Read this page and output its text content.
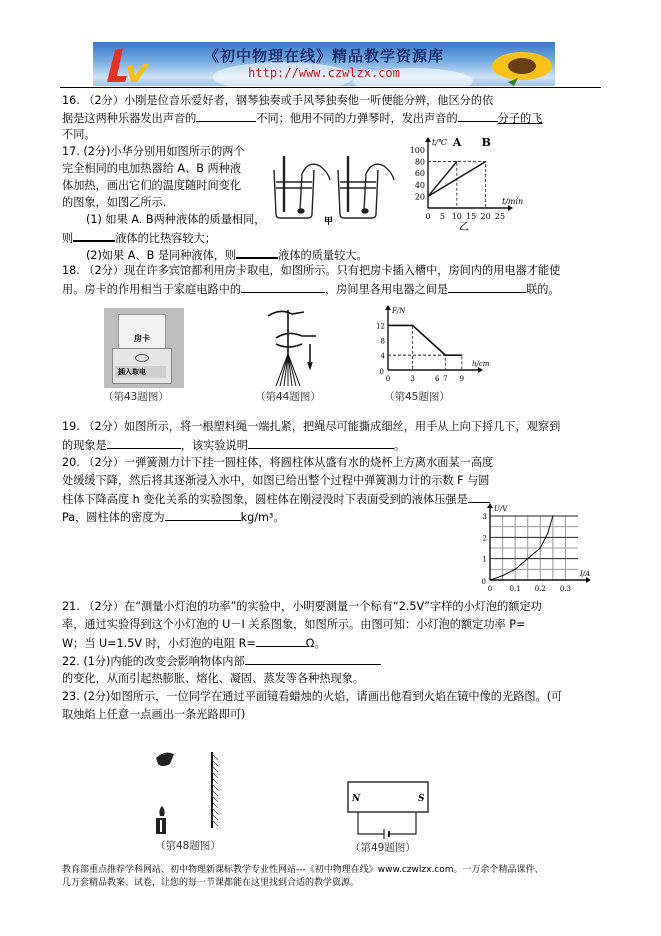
《初中物理在线》精品教学资源库
http://www.czwlzx.com
16. （2分）小刚是位音乐爱好者，钢琴独奏或手风琴独奏他一听便能分辨，他区分的依
据是这两种乐器发出声音的	不同；他用不同的力弹琴时，发出声音的	分子的飞
不同。
17. (2分)小华分别用如图所示的两个
完全相同的电加热器给 A、B 两种液
体加热，画出它们的温度随时间变化
的图象，如图乙所示.
(1) 如果 A. B两种液体的质量相同，
则	液体的比热容较大；
(2)如果 A、B 是同种液体，则	液体的质量较大。
甲
A B
0 5 10 15 20 25
20
40
60
80
100
t/min
t/℃
乙
18. （2分）现在许多宾馆都利用房卡取电，如图所示。只有把房卡插入槽中，房间内的用电器才能使
用。房卡的作用相当于家庭电路中的	，房间里各用电器之间是	联的。
房卡
插入取电
（第43题图）	（第44题图）
0	3	6 7 9
4
8
12
0
h/cm
F/N
（第45题图）
19. （2分）如图所示，将一根塑料绳一端扎紧，把绳尽可能撕成细丝，用手从上向下捋几下，观察到
的现象是	，该实验说明	。
20. （2分）一弹簧测力计下挂一圆柱体，将圆柱体从盛有水的烧杯上方离水面某一高度
处缓缓下降，然后将其逐渐浸入水中，如图已给出整个过程中弹簧测力计的示数 F 与圆
柱体下降高度 h 变化关系的实验图象，圆柱体在刚浸没时下表面受到的液体压强是
Pa，圆柱体的密度为	kg/m³。
0 0.1 0.2 0.3
1
2
3
0
I/A
U/V
21. （2分）在“测量小灯泡的功率”的实验中，小明要测量一个标有“2.5V”字样的小灯泡的额定功
率，通过实验得到这个小灯泡的 U－I 关系图象，如图所示。由图可知：小灯泡的额定功率 P=
W；当 U=1.5V 时，小灯泡的电阻 R=	Ω。
22. (1分)内能的改变会影响物体内部
的变化，从而引起热膨胀、熔化、凝固、蒸发等各种热现象。
23. (2分)如图所示，一位同学在通过平面镜看蜡烛的火焰，请画出他看到火焰在镜中像的光路图。(可
取烛焰上任意一点画出一条光路即可)
（第48题图）
N	S
（第49题图）
教育部重点推荐学科网站、初中物理新课标教学专业性网站---《初中物理在线》www.czwlzx.com。一万余个精品课件、
几万套精品教案、试卷，让您的每一节课都能在这里找到合适的教学资源。
